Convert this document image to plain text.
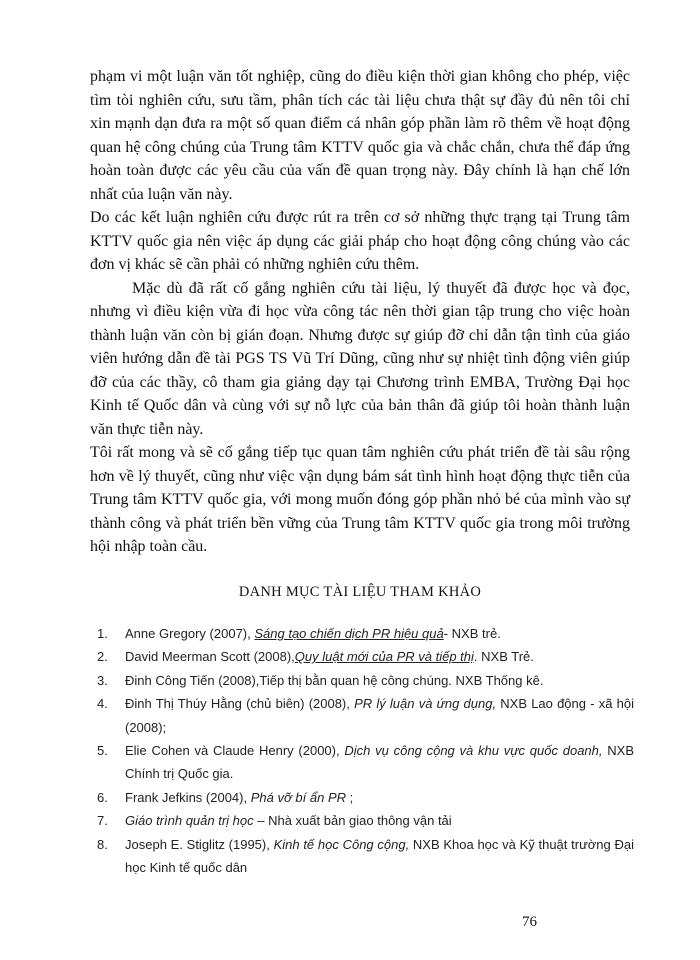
phạm vi một luận văn tốt nghiệp, cũng do điều kiện thời gian không cho phép, việc tìm tòi nghiên cứu, sưu tầm, phân tích các tài liệu chưa thật sự đầy đủ nên tôi chỉ xin mạnh dạn đưa ra một số quan điểm cá nhân góp phần làm rõ thêm về hoạt động quan hệ công chúng của Trung tâm KTTV quốc gia và chắc chắn, chưa thể đáp ứng hoàn toàn được các yêu cầu của vấn đề quan trọng này. Đây chính là hạn chế lớn nhất của luận văn này.

Do các kết luận nghiên cứu được rút ra trên cơ sở những thực trạng tại Trung tâm KTTV quốc gia nên việc áp dụng các giải pháp cho hoạt động công chúng vào các đơn vị khác sẽ cần phải có những nghiên cứu thêm.

Mặc dù đã rất cố gắng nghiên cứu tài liệu, lý thuyết đã được học và đọc, nhưng vì điều kiện vừa đi học vừa công tác nên thời gian tập trung cho việc hoàn thành luận văn còn bị gián đoạn. Nhưng được sự giúp đỡ chỉ dẫn tận tình của giáo viên hướng dẫn đề tài PGS TS Vũ Trí Dũng, cũng như sự nhiệt tình động viên giúp đỡ của các thầy, cô tham gia giảng dạy tại Chương trình EMBA, Trường Đại học Kinh tế Quốc dân và cùng với sự nỗ lực của bản thân đã giúp tôi hoàn thành luận văn thực tiễn này.

Tôi rất mong và sẽ cố gắng tiếp tục quan tâm nghiên cứu phát triển đề tài sâu rộng hơn về lý thuyết, cũng như việc vận dụng bám sát tình hình hoạt động thực tiễn của Trung tâm KTTV quốc gia, với mong muốn đóng góp phần nhỏ bé của mình vào sự thành công và phát triển bền vững của Trung tâm KTTV quốc gia trong môi trường hội nhập toàn cầu.

DANH MỤC TÀI LIỆU THAM KHẢO
1. Anne Gregory (2007), Sáng tạo chiến dịch PR hiệu quả- NXB trẻ.
2. David Meerman Scott (2008),Quy luật mới của PR và tiếp thị. NXB Trẻ.
3. Đinh Công Tiến (2008),Tiếp thị bằn quan hệ công chúng. NXB Thống kê.
4. Đinh Thị Thúy Hằng (chủ biên) (2008), PR lý luận và ứng dụng, NXB Lao động - xã hội (2008);
5. Elie Cohen và Claude Henry (2000), Dịch vụ công cộng và khu vực quốc doanh, NXB Chính trị Quốc gia.
6. Frank Jefkins (2004), Phá vỡ bí ẩn PR ;
7. Giáo trình quản trị học – Nhà xuất bản giao thông vận tải
8. Joseph E. Stiglitz (1995), Kinh tế học Công cộng, NXB Khoa học và Kỹ thuật trường Đại học Kinh tế quốc dân
76
